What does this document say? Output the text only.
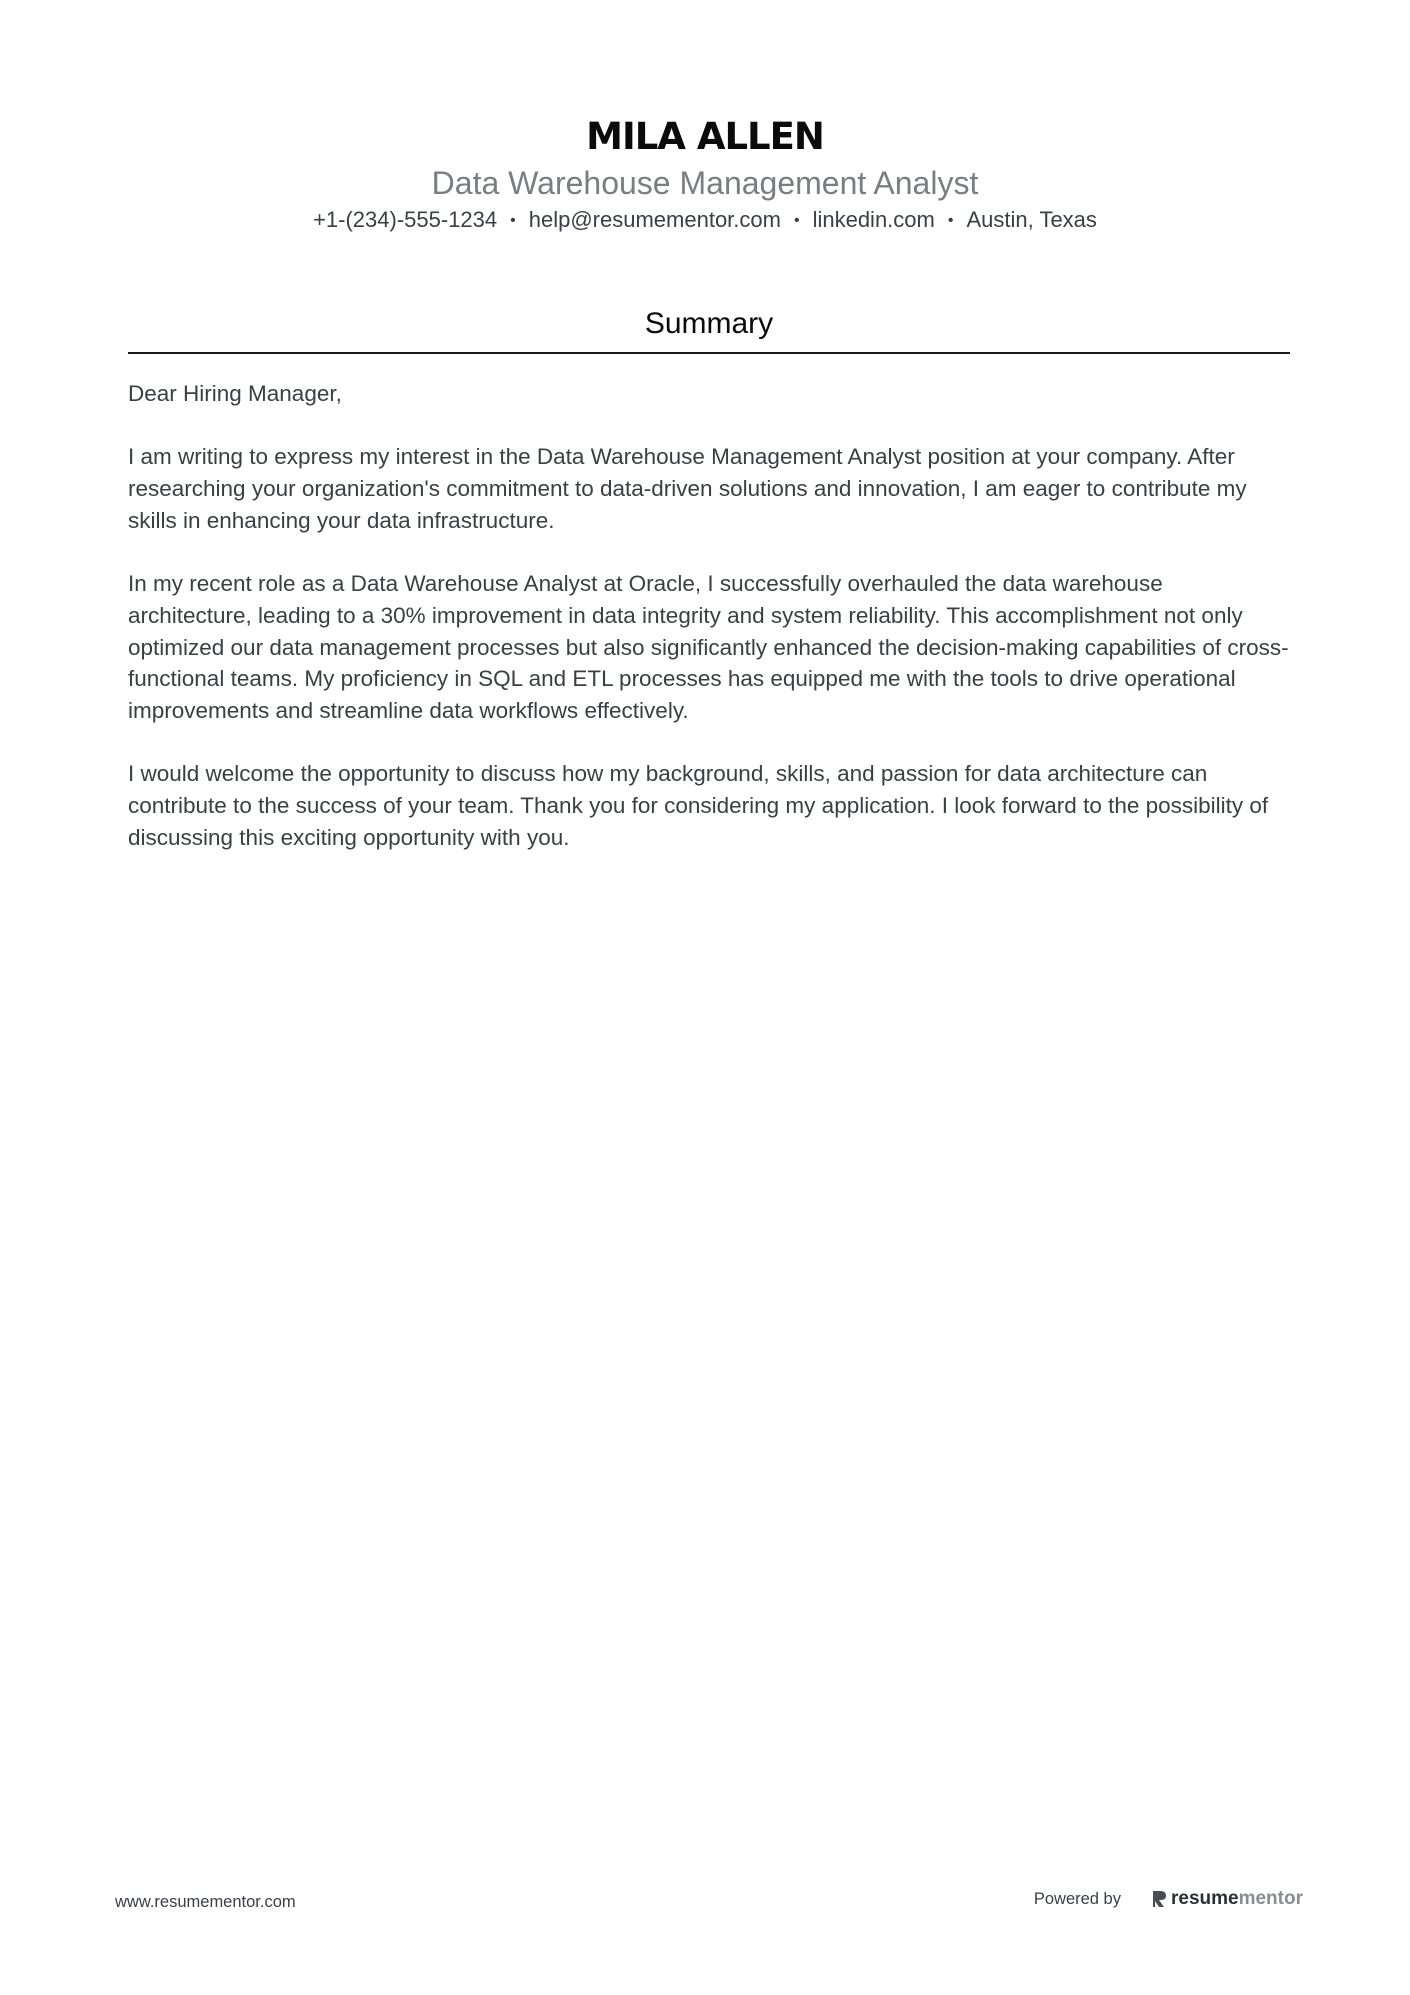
MILA ALLEN
Data Warehouse Management Analyst
+1-(234)-555-1234 • help@resumementor.com • linkedin.com • Austin, Texas
Summary

Dear Hiring Manager,

I am writing to express my interest in the Data Warehouse Management Analyst position at your company. After researching your organization's commitment to data-driven solutions and innovation, I am eager to contribute my skills in enhancing your data infrastructure.

In my recent role as a Data Warehouse Analyst at Oracle, I successfully overhauled the data warehouse architecture, leading to a 30% improvement in data integrity and system reliability. This accomplishment not only optimized our data management processes but also significantly enhanced the decision-making capabilities of cross-functional teams. My proficiency in SQL and ETL processes has equipped me with the tools to drive operational improvements and streamline data workflows effectively.

I would welcome the opportunity to discuss how my background, skills, and passion for data architecture can contribute to the success of your team. Thank you for considering my application. I look forward to the possibility of discussing this exciting opportunity with you.

www.resumementor.com	Powered by	resume mentor
